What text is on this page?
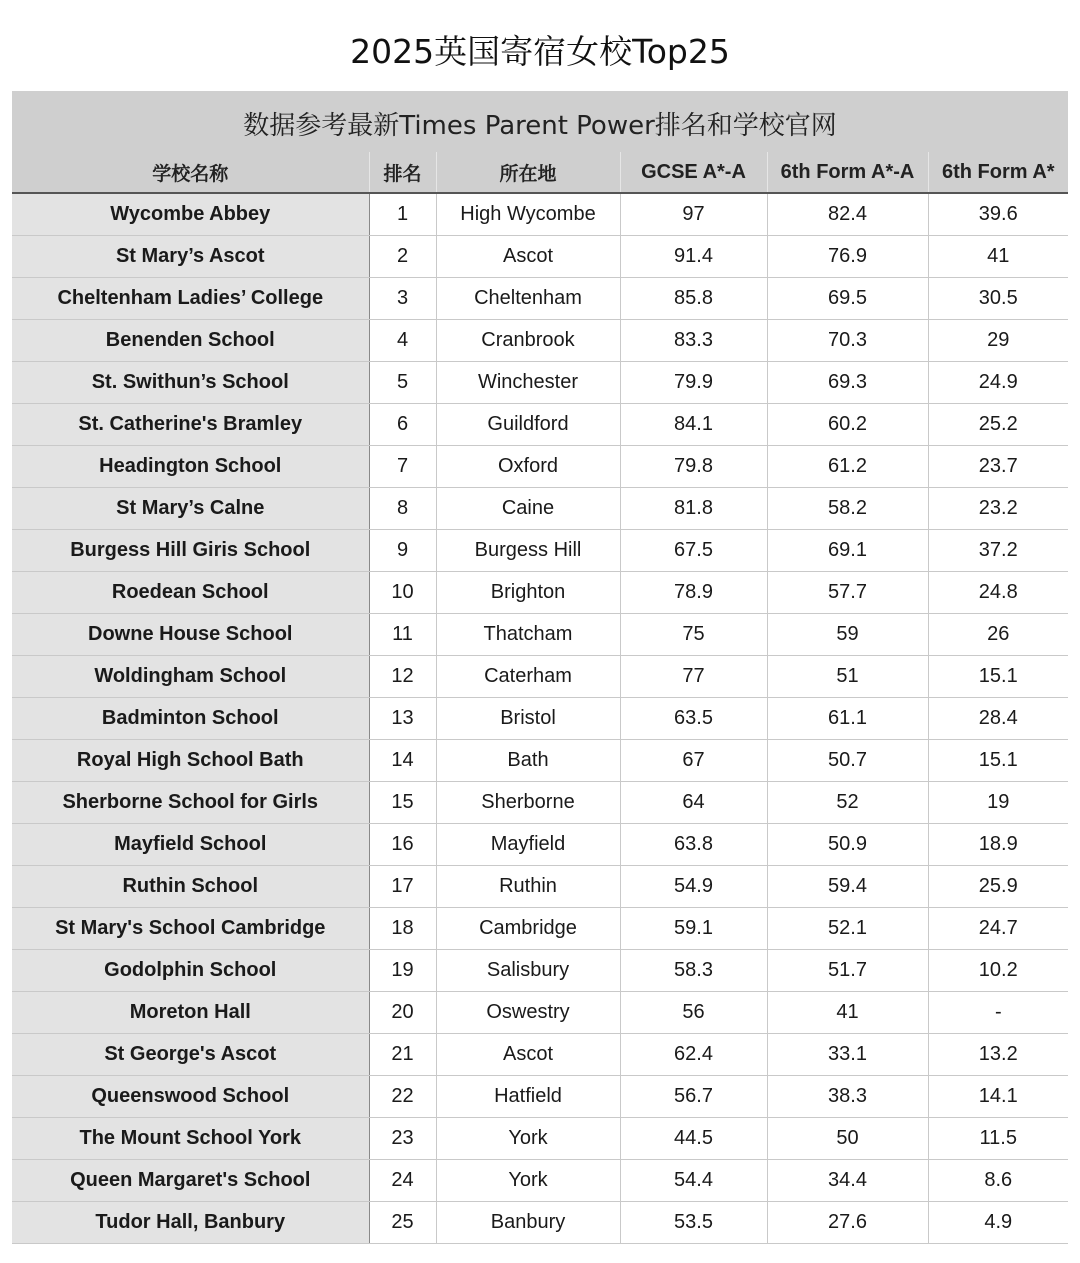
2025英国寄宿女校Top25
数据参考最新Times Parent Power排名和学校官网					
学校名称	排名	所在地	GCSE A*-A	6th Form A*-A	6th Form A*
Wycombe Abbey	1	High Wycombe	97	82.4	39.6
St Mary’s Ascot	2	Ascot	91.4	76.9	41
Cheltenham Ladies’ College	3	Cheltenham	85.8	69.5	30.5
Benenden School	4	Cranbrook	83.3	70.3	29
St. Swithun’s School	5	Winchester	79.9	69.3	24.9
St. Catherine's Bramley	6	Guildford	84.1	60.2	25.2
Headington School	7	Oxford	79.8	61.2	23.7
St Mary’s Calne	8	Caine	81.8	58.2	23.2
Burgess Hill Giris School	9	Burgess Hill	67.5	69.1	37.2
Roedean School	10	Brighton	78.9	57.7	24.8
Downe House School	11	Thatcham	75	59	26
Woldingham School	12	Caterham	77	51	15.1
Badminton School	13	Bristol	63.5	61.1	28.4
Royal High School Bath	14	Bath	67	50.7	15.1
Sherborne School for Girls	15	Sherborne	64	52	19
Mayfield School	16	Mayfield	63.8	50.9	18.9
Ruthin School	17	Ruthin	54.9	59.4	25.9
St Mary's School Cambridge	18	Cambridge	59.1	52.1	24.7
Godolphin School	19	Salisbury	58.3	51.7	10.2
Moreton Hall	20	Oswestry	56	41	-
St George's Ascot	21	Ascot	62.4	33.1	13.2
Queenswood School	22	Hatfield	56.7	38.3	14.1
The Mount School York	23	York	44.5	50	11.5
Queen Margaret's School	24	York	54.4	34.4	8.6
Tudor Hall, Banbury	25	Banbury	53.5	27.6	4.9
